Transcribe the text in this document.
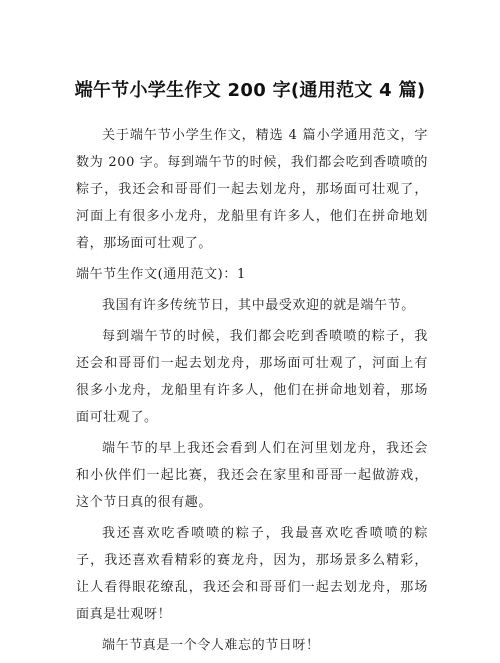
端午节小学生作文 200 字(通用范文 4 篇)

关于端午节小学生作文，精选 4 篇小学通用范文，字数为 200 字。每到端午节的时候，我们都会吃到香喷喷的粽子，我还会和哥哥们一起去划龙舟，那场面可壮观了，河面上有很多小龙舟，龙船里有许多人，他们在拼命地划着，那场面可壮观了。

端午节生作文(通用范文)：1

我国有许多传统节日，其中最受欢迎的就是端午节。

每到端午节的时候，我们都会吃到香喷喷的粽子，我还会和哥哥们一起去划龙舟，那场面可壮观了，河面上有很多小龙舟，龙船里有许多人，他们在拼命地划着，那场面可壮观了。

端午节的早上我还会看到人们在河里划龙舟，我还会和小伙伴们一起比赛，我还会在家里和哥哥一起做游戏，这个节日真的很有趣。

我还喜欢吃香喷喷的粽子，我最喜欢吃香喷喷的粽子，我还喜欢看精彩的赛龙舟，因为，那场景多么精彩，让人看得眼花缭乱，我还会和哥哥们一起去划龙舟，那场面真是壮观呀！

端午节真是一个令人难忘的节日呀！
